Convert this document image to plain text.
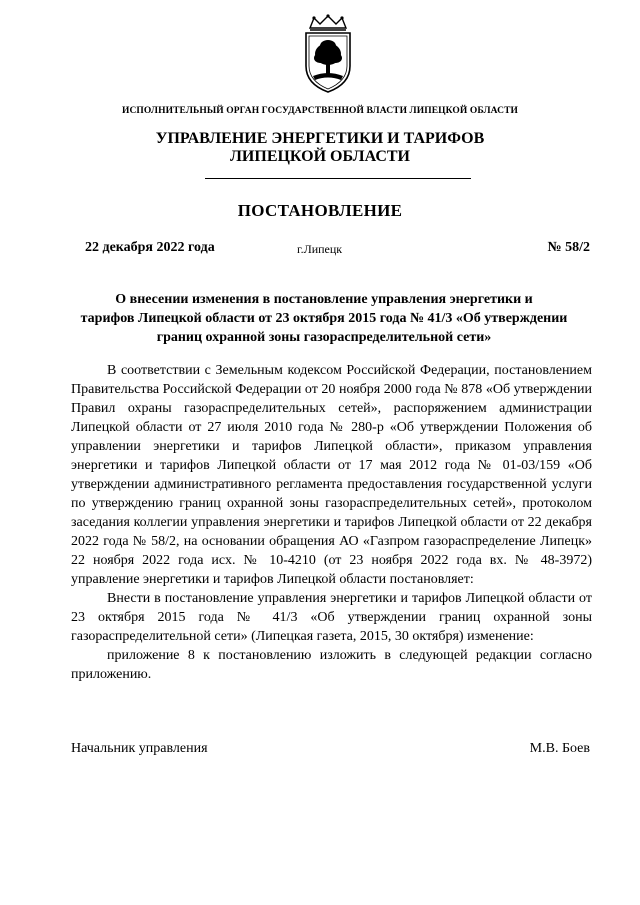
ИСПОЛНИТЕЛЬНЫЙ ОРГАН ГОСУДАРСТВЕННОЙ ВЛАСТИ ЛИПЕЦКОЙ ОБЛАСТИ
УПРАВЛЕНИЕ ЭНЕРГЕТИКИ И ТАРИФОВ
ЛИПЕЦКОЙ ОБЛАСТИ
ПОСТАНОВЛЕНИЕ
22 декабря 2022 года	г.Липецк	№ 58/2
О внесении изменения в постановление управления энергетики и
тарифов Липецкой области от 23 октября 2015 года № 41/3 «Об утверждении
границ охранной зоны газораспределительной сети»

В соответствии с Земельным кодексом Российской Федерации, постановлением Правительства Российской Федерации от 20 ноября 2000 года № 878 «Об утверждении Правил охраны газораспределительных сетей», распоряжением администрации Липецкой области от 27 июля 2010 года № 280-р «Об утверждении Положения об управлении энергетики и тарифов Липецкой области», приказом управления энергетики и тарифов Липецкой области от 17 мая 2012 года № 01-03/159 «Об утверждении административного регламента предоставления государственной услуги по утверждению границ охранной зоны газораспределительных сетей», протоколом заседания коллегии управления энергетики и тарифов Липецкой области от 22 декабря 2022 года № 58/2, на основании обращения АО «Газпром газораспределение Липецк» 22 ноября 2022 года исх. № 10-4210 (от 23 ноября 2022 года вх. № 48-3972) управление энергетики и тарифов Липецкой области постановляет:

Внести в постановление управления энергетики и тарифов Липецкой области от 23 октября 2015 года № 41/3 «Об утверждении границ охранной зоны газораспределительной сети» (Липецкая газета, 2015, 30 октября) изменение:

приложение 8 к постановлению изложить в следующей редакции согласно приложению.

Начальник управления	М.В. Боев
